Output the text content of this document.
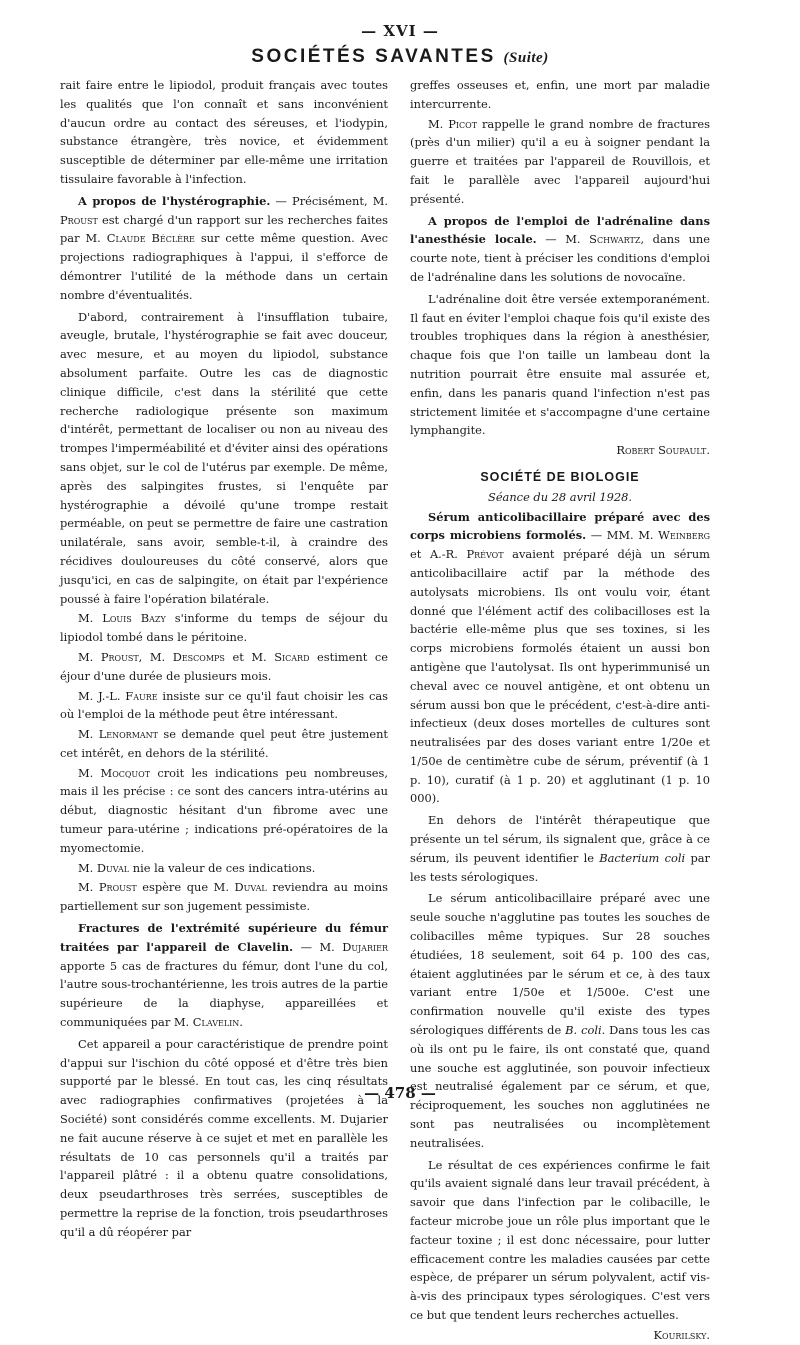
— XVI —
SOCIÉTÉS SAVANTES (Suite)

rait faire entre le lipiodol, produit français avec toutes les qualités que l'on connaît et sans inconvénient d'aucun ordre au contact des séreuses, et l'iodypin, substance étrangère, très novice, et évidemment susceptible de déterminer par elle-même une irritation tissulaire favorable à l'infection.

A propos de l'hystérographie. — Précisément, M. Proust est chargé d'un rapport sur les recherches faites par M. Claude Béclère sur cette même question. Avec projections radiographiques à l'appui, il s'efforce de démontrer l'utilité de la méthode dans un certain nombre d'éventualités.

D'abord, contrairement à l'insufflation tubaire, aveugle, brutale, l'hystérographie se fait avec douceur, avec mesure, et au moyen du lipiodol, substance absolument parfaite. Outre les cas de diagnostic clinique difficile, c'est dans la stérilité que cette recherche radiologique présente son maximum d'intérêt, permettant de localiser ou non au niveau des trompes l'imperméabilité et d'éviter ainsi des opérations sans objet, sur le col de l'utérus par exemple. De même, après des salpingites frustes, si l'enquête par hystérographie a dévoilé qu'une trompe restait perméable, on peut se permettre de faire une castration unilatérale, sans avoir, semble-t-il, à craindre des récidives douloureuses du côté conservé, alors que jusqu'ici, en cas de salpingite, on était par l'expérience poussé à faire l'opération bilatérale.

M. Louis Bazy s'informe du temps de séjour du lipiodol tombé dans le péritoine.

M. Proust, M. Descomps et M. Sicard estiment ce éjour d'une durée de plusieurs mois.

M. J.-L. Faure insiste sur ce qu'il faut choisir les cas où l'emploi de la méthode peut être intéressant.

M. Lenormant se demande quel peut être justement cet intérêt, en dehors de la stérilité.

M. Mocquot croit les indications peu nombreuses, mais il les précise : ce sont des cancers intra-utérins au début, diagnostic hésitant d'un fibrome avec une tumeur para-utérine ; indications pré-opératoires de la myomectomie.

M. Duval nie la valeur de ces indications.

M. Proust espère que M. Duval reviendra au moins partiellement sur son jugement pessimiste.

Fractures de l'extrémité supérieure du fémur traitées par l'appareil de Clavelin. — M. Dujarier apporte 5 cas de fractures du fémur, dont l'une du col, l'autre sous-trochantérienne, les trois autres de la partie supérieure de la diaphyse, appareillées et communiquées par M. Clavelin.

Cet appareil a pour caractéristique de prendre point d'appui sur l'ischion du côté opposé et d'être très bien supporté par le blessé. En tout cas, les cinq résultats avec radiographies confirmatives (projetées à la Société) sont considérés comme excellents. M. Dujarier ne fait aucune réserve à ce sujet et met en parallèle les résultats de 10 cas personnels qu'il a traités par l'appareil plâtré : il a obtenu quatre consolidations, deux pseudarthroses très serrées, susceptibles de permettre la reprise de la fonction, trois pseudarthroses qu'il a dû réopérer par

greffes osseuses et, enfin, une mort par maladie intercurrente.

M. Picot rappelle le grand nombre de fractures (près d'un milier) qu'il a eu à soigner pendant la guerre et traitées par l'appareil de Rouvillois, et fait le parallèle avec l'appareil aujourd'hui présenté.

A propos de l'emploi de l'adrénaline dans l'anesthésie locale. — M. Schwartz, dans une courte note, tient à préciser les conditions d'emploi de l'adrénaline dans les solutions de novocaïne.

L'adrénaline doit être versée extemporanément. Il faut en éviter l'emploi chaque fois qu'il existe des troubles trophiques dans la région à anesthésier, chaque fois que l'on taille un lambeau dont la nutrition pourrait être ensuite mal assurée et, enfin, dans les panaris quand l'infection n'est pas strictement limitée et s'accompagne d'une certaine lymphangite.

Robert Soupault.

SOCIÉTÉ DE BIOLOGIE

Séance du 28 avril 1928.

Sérum anticolibacillaire préparé avec des corps microbiens formolés. — MM. M. Weinberg et A.-R. Prévot avaient préparé déjà un sérum anticolibacillaire actif par la méthode des autolysats microbiens. Ils ont voulu voir, étant donné que l'élément actif des colibacilloses est la bactérie elle-même plus que ses toxines, si les corps microbiens formolés étaient un aussi bon antigène que l'autolysat. Ils ont hyperimmunisé un cheval avec ce nouvel antigène, et ont obtenu un sérum aussi bon que le précédent, c'est-à-dire anti-infectieux (deux doses mortelles de cultures sont neutralisées par des doses variant entre 1/20e et 1/50e de centimètre cube de sérum, préventif (à 1 p. 10), curatif (à 1 p. 20) et agglutinant (1 p. 10 000).

En dehors de l'intérêt thérapeutique que présente un tel sérum, ils signalent que, grâce à ce sérum, ils peuvent identifier le Bacterium coli par les tests sérologiques.

Le sérum anticolibacillaire préparé avec une seule souche n'agglutine pas toutes les souches de colibacilles même typiques. Sur 28 souches étudiées, 18 seulement, soit 64 p. 100 des cas, étaient agglutinées par le sérum et ce, à des taux variant entre 1/50e et 1/500e. C'est une confirmation nouvelle qu'il existe des types sérologiques différents de B. coli. Dans tous les cas où ils ont pu le faire, ils ont constaté que, quand une souche est agglutinée, son pouvoir infectieux est neutralisé également par ce sérum, et que, réciproquement, les souches non agglutinées ne sont pas neutralisées ou incomplètement neutralisées.

Le résultat de ces expériences confirme le fait qu'ils avaient signalé dans leur travail précédent, à savoir que dans l'infection par le colibacille, le facteur microbe joue un rôle plus important que le facteur toxine ; il est donc nécessaire, pour lutter efficacement contre les maladies causées par cette espèce, de préparer un sérum polyvalent, actif vis-à-vis des principaux types sérologiques. C'est vers ce but que tendent leurs recherches actuelles.

Kourilsky.

— 478 —
